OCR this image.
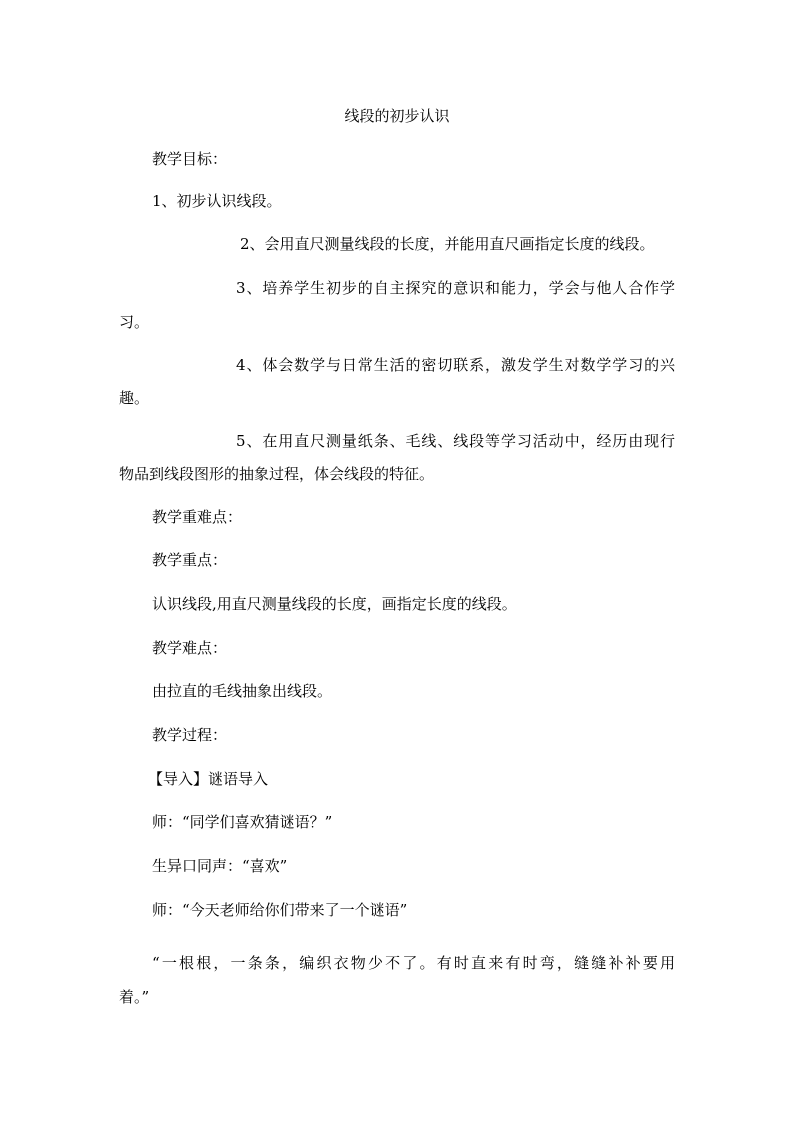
线段的初步认识
教学目标：
1、初步认识线段。
2、会用直尺测量线段的长度，并能用直尺画指定长度的线段。
3、培养学生初步的自主探究的意识和能力，学会与他人合作学
习。
4、体会数学与日常生活的密切联系，激发学生对数学学习的兴
趣。
5、在用直尺测量纸条、毛线、线段等学习活动中，经历由现行
物品到线段图形的抽象过程，体会线段的特征。
教学重难点：
教学重点：
认识线段,用直尺测量线段的长度，画指定长度的线段。
教学难点：
由拉直的毛线抽象出线段。
教学过程：
【导入】谜语导入
师：“同学们喜欢猜谜语？”
生异口同声：“喜欢”
师：“今天老师给你们带来了一个谜语”
“一根根，一条条，编织衣物少不了。有时直来有时弯，缝缝补补要用
着。”
